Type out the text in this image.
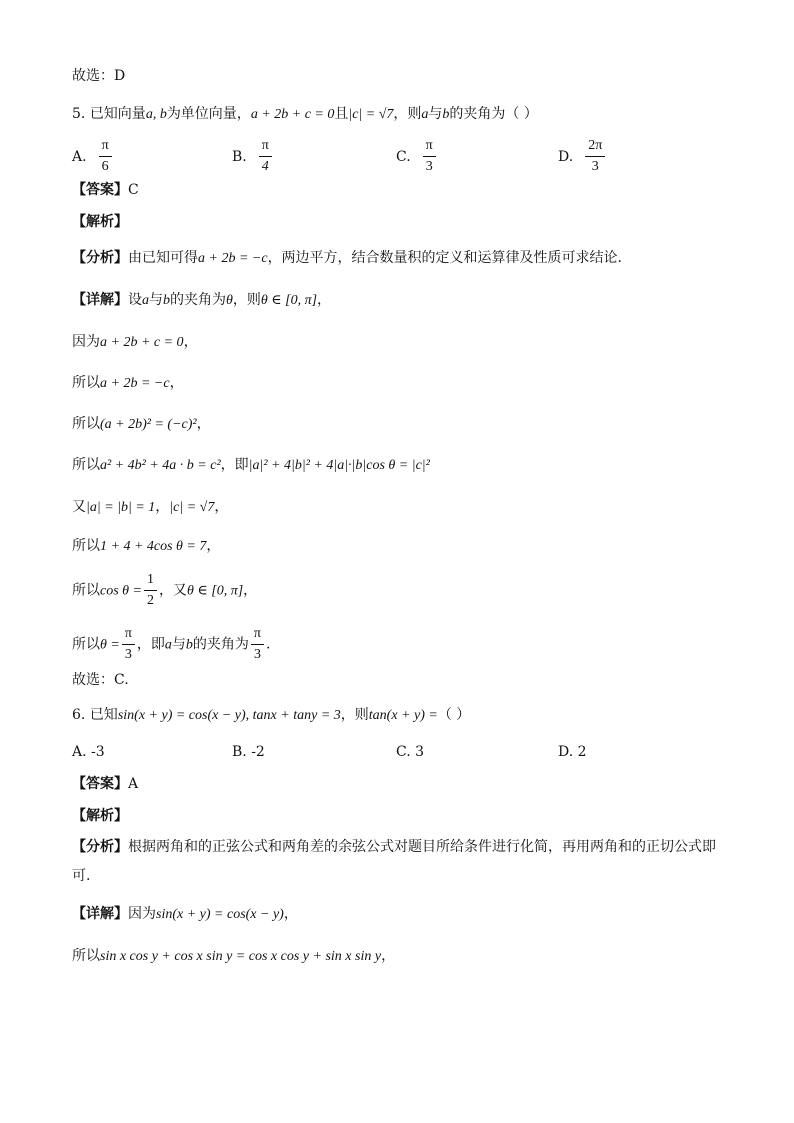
故选：D
5. 已知向量a, b为单位向量，a + 2b + c = 0且|c| = √7，则a与b的夹角为（ ）
A. $\frac{\pi}{6}$	B. $\frac{\pi}{4}$	C. $\frac{\pi}{3}$	D. $\frac{2\pi}{3}$
【答案】C
【解析】
【分析】由已知可得a + 2b = −c，两边平方，结合数量积的定义和运算律及性质可求结论.
【详解】设a与b的夹角为θ，则θ ∈ [0, π]，
因为a + 2b + c = 0，
所以a + 2b = −c，
所以(a + 2b)² = (−c)²，
所以a² + 4b² + 4a · b = c²，即|a|² + 4|b|² + 4|a|·|b|cos θ = |c|²
又|a| = |b| = 1，|c| = √7，
所以1 + 4 + 4cos θ = 7，
所以$\cos \theta = \frac{1}{2}$ ，又θ ∈ [0, π]，
所以$\theta = \frac{\pi}{3}$ ，即a与b的夹角为 $\frac{\pi}{3}$ .
故选：C.
6. 已知sin(x + y) = cos(x − y), tanx + tany = 3，则tan(x + y) =（ ）
A. -3	B. -2	C. 3	D. 2
【答案】A
【解析】
【分析】根据两角和的正弦公式和两角差的余弦公式对题目所给条件进行化简，再用两角和的正切公式即
可.
【详解】因为sin(x + y) = cos(x − y)，
所以sin x cos y + cos x sin y = cos x cos y + sin x sin y，
